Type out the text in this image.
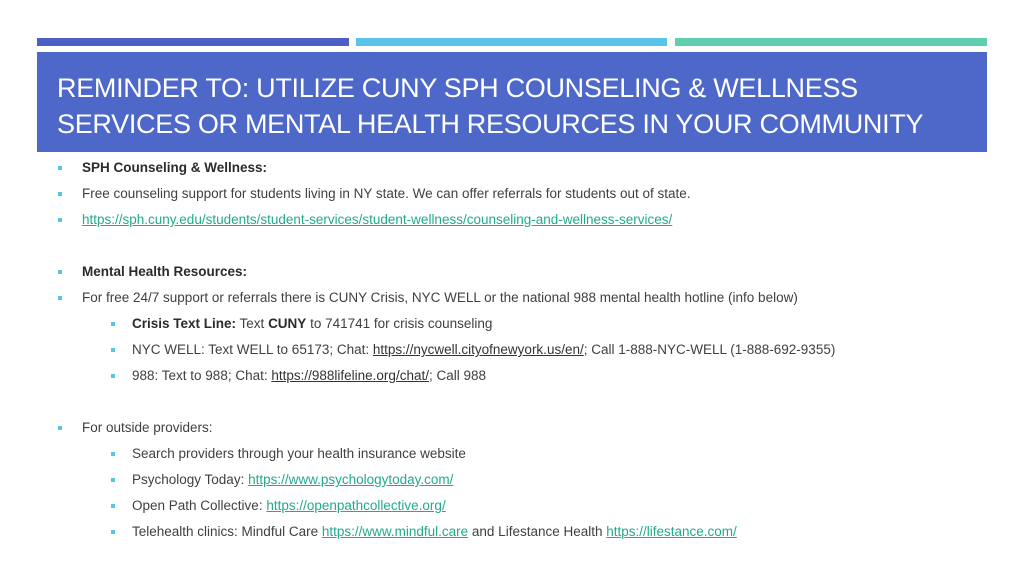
REMINDER TO: UTILIZE CUNY SPH COUNSELING & WELLNESS
SERVICES OR MENTAL HEALTH RESOURCES IN YOUR COMMUNITY
SPH Counseling & Wellness:
Free counseling support for students living in NY state. We can offer referrals for students out of state.
https://sph.cuny.edu/students/student-services/student-wellness/counseling-and-wellness-services/
Mental Health Resources:
For free 24/7 support or referrals there is CUNY Crisis, NYC WELL or the national 988 mental health hotline (info below)
Crisis Text Line: Text CUNY to 741741 for crisis counseling
NYC WELL: Text WELL to 65173; Chat: https://nycwell.cityofnewyork.us/en/; Call 1-888-NYC-WELL (1-888-692-9355)
988: Text to 988; Chat: https://988lifeline.org/chat/; Call 988
For outside providers:
Search providers through your health insurance website
Psychology Today: https://www.psychologytoday.com/
Open Path Collective: https://openpathcollective.org/
Telehealth clinics: Mindful Care https://www.mindful.care and Lifestance Health https://lifestance.com/
